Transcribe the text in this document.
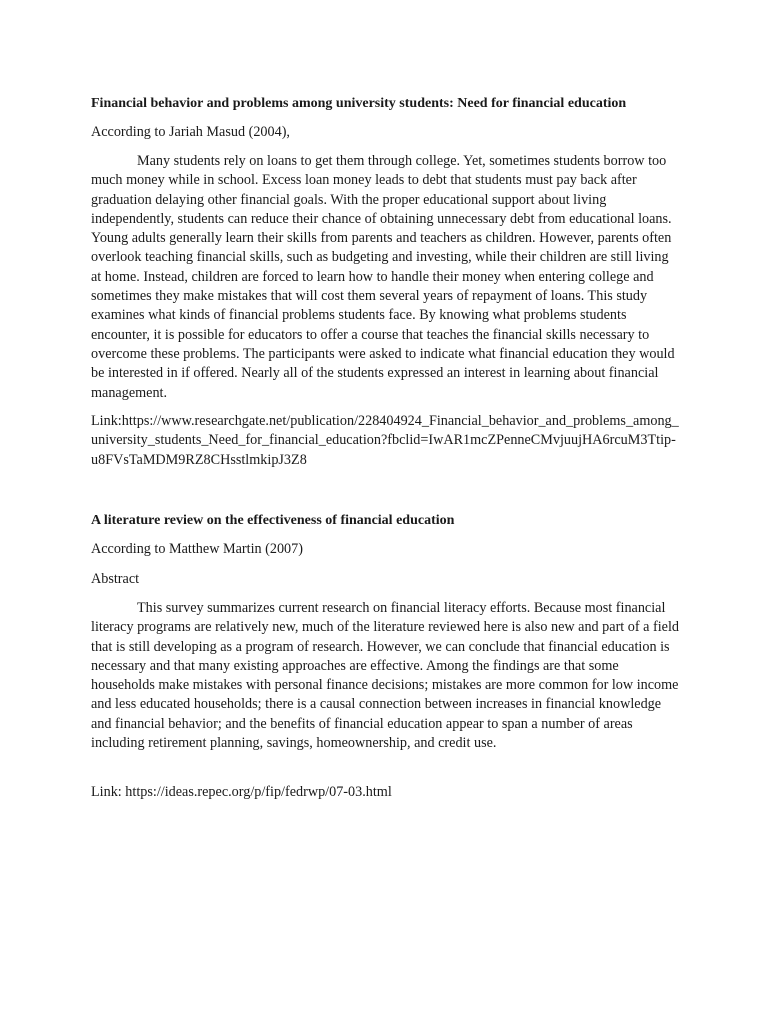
Financial behavior and problems among university students: Need for financial education
According to Jariah Masud (2004),

Many students rely on loans to get them through college. Yet, sometimes students borrow too much money while in school. Excess loan money leads to debt that students must pay back after graduation delaying other financial goals. With the proper educational support about living independently, students can reduce their chance of obtaining unnecessary debt from educational loans. Young adults generally learn their skills from parents and teachers as children. However, parents often overlook teaching financial skills, such as budgeting and investing, while their children are still living at home. Instead, children are forced to learn how to handle their money when entering college and sometimes they make mistakes that will cost them several years of repayment of loans. This study examines what kinds of financial problems students face. By knowing what problems students encounter, it is possible for educators to offer a course that teaches the financial skills necessary to overcome these problems. The participants were asked to indicate what financial education they would be interested in if offered. Nearly all of the students expressed an interest in learning about financial management.

Link:https://www.researchgate.net/publication/228404924_Financial_behavior_and_problems_among_university_students_Need_for_financial_education?fbclid=IwAR1mcZPenneCMvjuujHA6rcuM3Ttip-u8FVsTaMDM9RZ8CHsstlmkipJ3Z8

A literature review on the effectiveness of financial education
According to Matthew Martin (2007)
Abstract

This survey summarizes current research on financial literacy efforts. Because most financial literacy programs are relatively new, much of the literature reviewed here is also new and part of a field that is still developing as a program of research. However, we can conclude that financial education is necessary and that many existing approaches are effective. Among the findings are that some households make mistakes with personal finance decisions; mistakes are more common for low income and less educated households; there is a causal connection between increases in financial knowledge and financial behavior; and the benefits of financial education appear to span a number of areas including retirement planning, savings, homeownership, and credit use.

Link: https://ideas.repec.org/p/fip/fedrwp/07-03.html
